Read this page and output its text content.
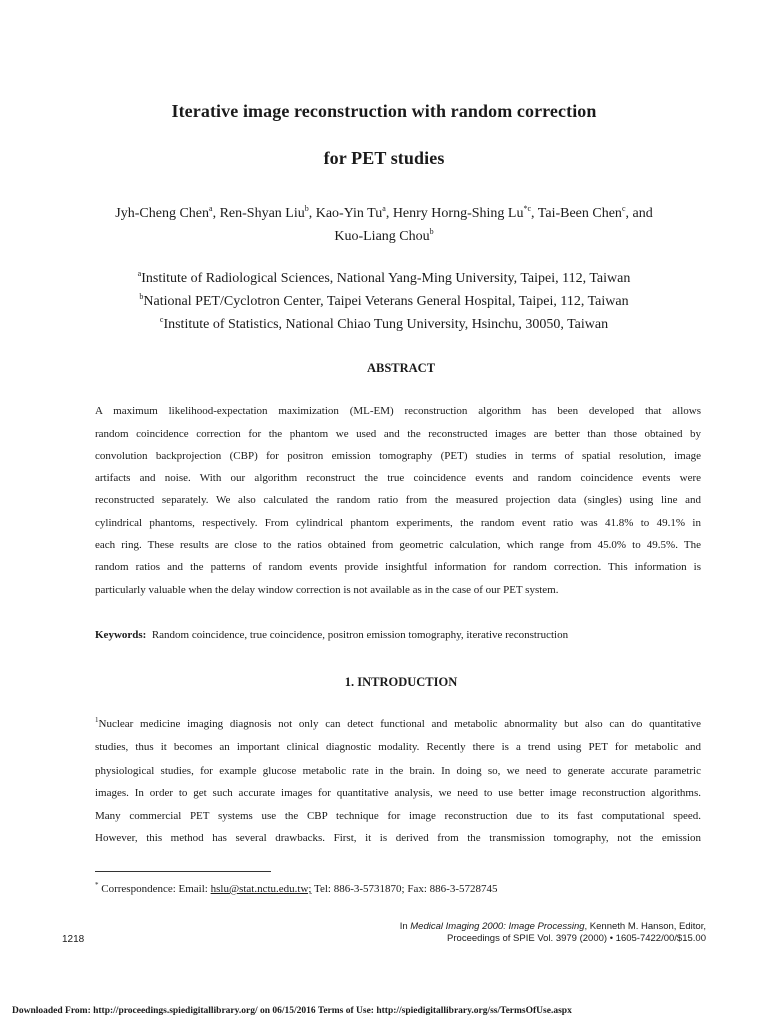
Iterative image reconstruction with random correction
for PET studies
Jyh-Cheng Chen$^a$, Ren-Shyan Liu$^b$, Kao-Yin Tu$^a$, Henry Horng-Shing Lu$^{*c}$, Tai-Been Chen$^c$, and
Kuo-Liang Chou$^b$
$^a$Institute of Radiological Sciences, National Yang-Ming University, Taipei, 112, Taiwan
$^b$National PET/Cyclotron Center, Taipei Veterans General Hospital, Taipei, 112, Taiwan
$^c$Institute of Statistics, National Chiao Tung University, Hsinchu, 30050, Taiwan
ABSTRACT
A maximum likelihood-expectation maximization (ML-EM) reconstruction algorithm has been developed that allows
random coincidence correction for the phantom we used and the reconstructed images are better than those obtained by
convolution backprojection (CBP) for positron emission tomography (PET) studies in terms of spatial resolution, image
artifacts and noise. With our algorithm reconstruct the true coincidence events and random coincidence events were
reconstructed separately. We also calculated the random ratio from the measured projection data (singles) using line and
cylindrical phantoms, respectively. From cylindrical phantom experiments, the random event ratio was 41.8% to 49.1% in
each ring. These results are close to the ratios obtained from geometric calculation, which range from 45.0% to 49.5%. The
random ratios and the patterns of random events provide insightful information for random correction. This information is
particularly valuable when the delay window correction is not available as in the case of our PET system.
Keywords: Random coincidence, true coincidence, positron emission tomography, iterative reconstruction
1. INTRODUCTION
$^1$Nuclear medicine imaging diagnosis not only can detect functional and metabolic abnormality but also can do quantitative
studies, thus it becomes an important clinical diagnostic modality. Recently there is a trend using PET for metabolic and
physiological studies, for example glucose metabolic rate in the brain. In doing so, we need to generate accurate parametric
images. In order to get such accurate images for quantitative analysis, we need to use better image reconstruction algorithms.
Many commercial PET systems use the CBP technique for image reconstruction due to its fast computational speed.
However, this method has several drawbacks. First, it is derived from the transmission tomography, not the emission
* Correspondence: Email: hslu@stat.nctu.edu.tw; Tel: 886-3-5731870; Fax: 886-3-5728745
In Medical Imaging 2000: Image Processing, Kenneth M. Hanson, Editor,
Proceedings of SPIE Vol. 3979 (2000) • 1605-7422/00/$15.00
1218
Downloaded From: http://proceedings.spiedigitallibrary.org/ on 06/15/2016 Terms of Use: http://spiedigitallibrary.org/ss/TermsOfUse.aspx
